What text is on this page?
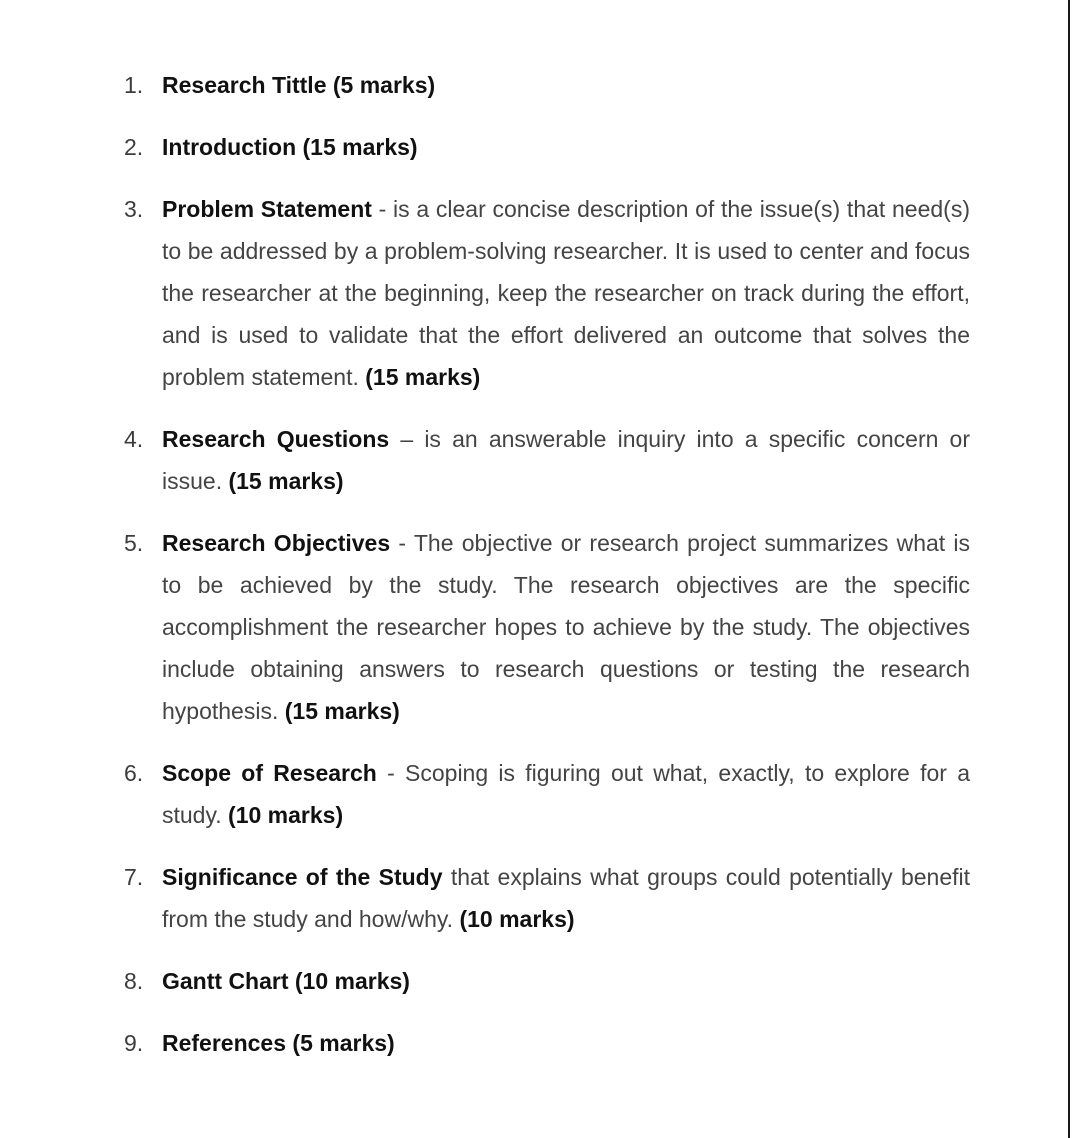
1. Research Tittle (5 marks)
2. Introduction (15 marks)
3. Problem Statement - is a clear concise description of the issue(s) that need(s) to be addressed by a problem-solving researcher. It is used to center and focus the researcher at the beginning, keep the researcher on track during the effort, and is used to validate that the effort delivered an outcome that solves the problem statement. (15 marks)
4. Research Questions – is an answerable inquiry into a specific concern or issue. (15 marks)
5. Research Objectives - The objective or research project summarizes what is to be achieved by the study. The research objectives are the specific accomplishment the researcher hopes to achieve by the study. The objectives include obtaining answers to research questions or testing the research hypothesis. (15 marks)
6. Scope of Research - Scoping is figuring out what, exactly, to explore for a study. (10 marks)
7. Significance of the Study that explains what groups could potentially benefit from the study and how/why. (10 marks)
8. Gantt Chart (10 marks)
9. References (5 marks)
